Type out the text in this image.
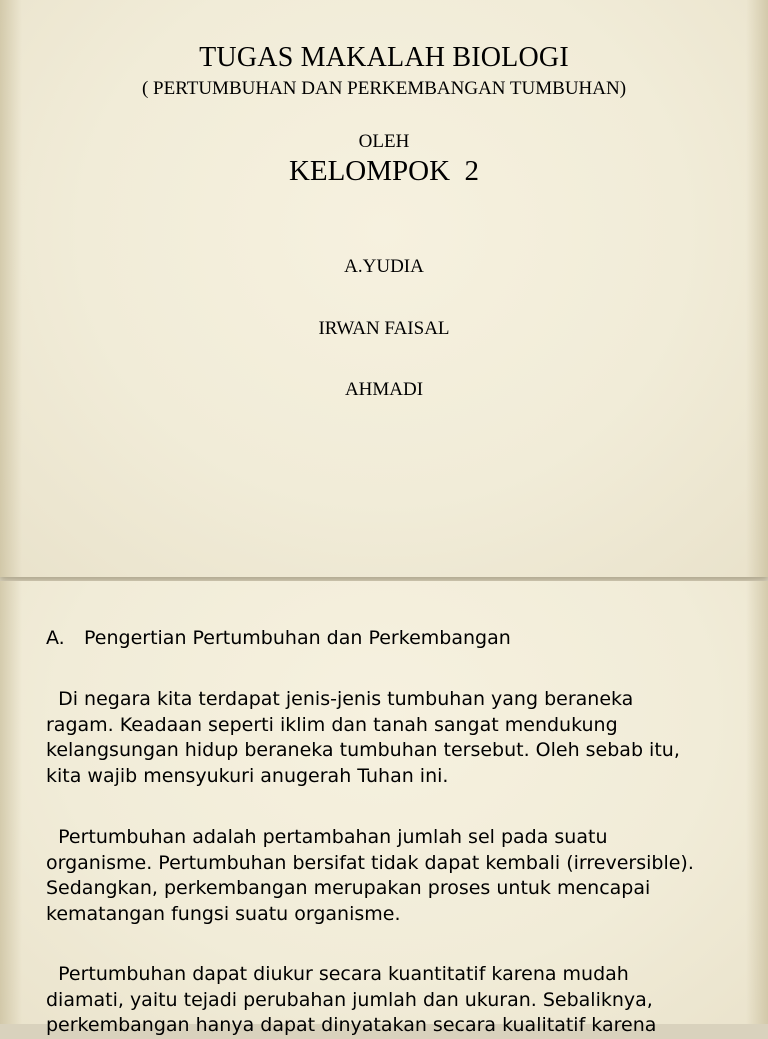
TUGAS MAKALAH BIOLOGI
( PERTUMBUHAN DAN PERKEMBANGAN TUMBUHAN)
OLEH
KELOMPOK  2
A.YUDIA
IRWAN FAISAL
AHMADI
A. Pengertian Pertumbuhan dan Perkembangan
Di negara kita terdapat jenis-jenis tumbuhan yang beraneka
ragam. Keadaan seperti iklim dan tanah sangat mendukung
kelangsungan hidup beraneka tumbuhan tersebut. Oleh sebab itu,
kita wajib mensyukuri anugerah Tuhan ini.
Pertumbuhan adalah pertambahan jumlah sel pada suatu
organisme. Pertumbuhan bersifat tidak dapat kembali (irreversible).
Sedangkan, perkembangan merupakan proses untuk mencapai
kematangan fungsi suatu organisme.
Pertumbuhan dapat diukur secara kuantitatif karena mudah
diamati, yaitu tejadi perubahan jumlah dan ukuran. Sebaliknya,
perkembangan hanya dapat dinyatakan secara kualitatif karena
